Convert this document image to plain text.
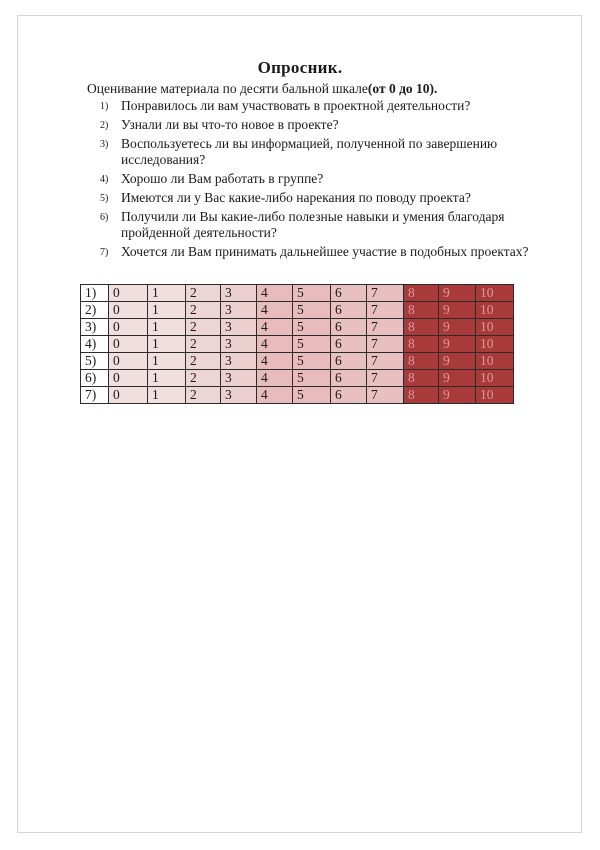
Опросник.
Оценивание материала по десяти бальной шкале(от 0 до 10).
1) Понравилось ли вам участвовать в проектной деятельности?
2) Узнали ли вы что-то новое в проекте?
3) Воспользуетесь ли вы информацией, полученной по завершению исследования?
4) Хорошо ли Вам работать в группе?
5) Имеются ли у Вас какие-либо нарекания по поводу проекта?
6) Получили ли Вы какие-либо полезные навыки и умения благодаря пройденной деятельности?
7) Хочется ли Вам принимать дальнейшее участие в подобных проектах?
1)	0	1	2	3	4	5	6	7	8	9	10
2)	0	1	2	3	4	5	6	7	8	9	10
3)	0	1	2	3	4	5	6	7	8	9	10
4)	0	1	2	3	4	5	6	7	8	9	10
5)	0	1	2	3	4	5	6	7	8	9	10
6)	0	1	2	3	4	5	6	7	8	9	10
7)	0	1	2	3	4	5	6	7	8	9	10
